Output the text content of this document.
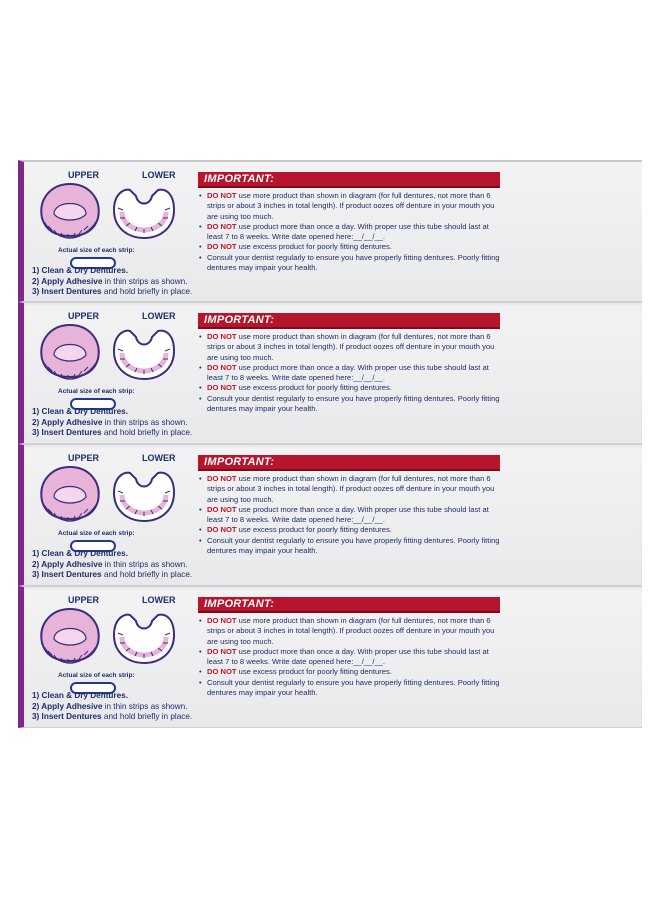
UPPER	LOWER
Actual size of each strip:
1) Clean & Dry Dentures.
2) Apply Adhesive in thin strips as shown.
3) Insert Dentures and hold briefly in place.
IMPORTANT:
• DO NOT use more product than shown in diagram (for full dentures, not more than 6 strips or about 3 inches in total length). If product oozes off denture in your mouth you are using too much.
• DO NOT use product more than once a day. With proper use this tube should last at least 7 to 8 weeks. Write date opened here:__/__/__.
• DO NOT use excess product for poorly fitting dentures.
• Consult your dentist regularly to ensure you have properly fitting dentures. Poorly fitting dentures may impair your health.
UPPER	LOWER
Actual size of each strip:
1) Clean & Dry Dentures.
2) Apply Adhesive in thin strips as shown.
3) Insert Dentures and hold briefly in place.
IMPORTANT:
• DO NOT use more product than shown in diagram (for full dentures, not more than 6 strips or about 3 inches in total length). If product oozes off denture in your mouth you are using too much.
• DO NOT use product more than once a day. With proper use this tube should last at least 7 to 8 weeks. Write date opened here:__/__/__.
• DO NOT use excess product for poorly fitting dentures.
• Consult your dentist regularly to ensure you have properly fitting dentures. Poorly fitting dentures may impair your health.
UPPER	LOWER
Actual size of each strip:
1) Clean & Dry Dentures.
2) Apply Adhesive in thin strips as shown.
3) Insert Dentures and hold briefly in place.
IMPORTANT:
• DO NOT use more product than shown in diagram (for full dentures, not more than 6 strips or about 3 inches in total length). If product oozes off denture in your mouth you are using too much.
• DO NOT use product more than once a day. With proper use this tube should last at least 7 to 8 weeks. Write date opened here:__/__/__.
• DO NOT use excess product for poorly fitting dentures.
• Consult your dentist regularly to ensure you have properly fitting dentures. Poorly fitting dentures may impair your health.
UPPER	LOWER
Actual size of each strip:
1) Clean & Dry Dentures.
2) Apply Adhesive in thin strips as shown.
3) Insert Dentures and hold briefly in place.
IMPORTANT:
• DO NOT use more product than shown in diagram (for full dentures, not more than 6 strips or about 3 inches in total length). If product oozes off denture in your mouth you are using too much.
• DO NOT use product more than once a day. With proper use this tube should last at least 7 to 8 weeks. Write date opened here:__/__/__.
• DO NOT use excess product for poorly fitting dentures.
• Consult your dentist regularly to ensure you have properly fitting dentures. Poorly fitting dentures may impair your health.
